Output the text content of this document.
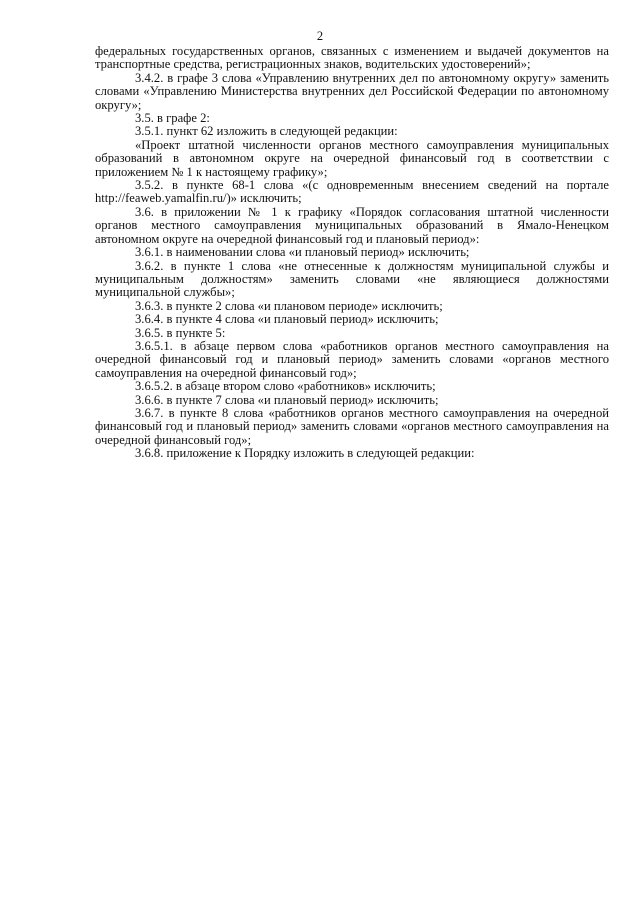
2

федеральных государственных органов, связанных с изменением и выдачей документов на транспортные средства, регистрационных знаков, водительских удостоверений»;

3.4.2. в графе 3 слова «Управлению внутренних дел по автономному округу» заменить словами «Управлению Министерства внутренних дел Российской Федерации по автономному округу»;

3.5. в графе 2:

3.5.1. пункт 62 изложить в следующей редакции:

«Проект штатной численности органов местного самоуправления муниципальных образований в автономном округе на очередной финансовый год в соответствии с приложением № 1 к настоящему графику»;

3.5.2. в пункте 68-1 слова «(с одновременным внесением сведений на портале http://feaweb.yamalfin.ru/)» исключить;

3.6. в приложении № 1 к графику «Порядок согласования штатной численности органов местного самоуправления муниципальных образований в Ямало-Ненецком автономном округе на очередной финансовый год и плановый период»:

3.6.1. в наименовании слова «и плановый период» исключить;

3.6.2. в пункте 1 слова «не отнесенные к должностям муниципальной службы и муниципальным должностям» заменить словами «не являющиеся должностями муниципальной службы»;

3.6.3. в пункте 2 слова «и плановом периоде» исключить;

3.6.4. в пункте 4 слова «и плановый период» исключить;

3.6.5. в пункте 5:

3.6.5.1. в абзаце первом слова «работников органов местного самоуправления на очередной финансовый год и плановый период» заменить словами «органов местного самоуправления на очередной финансовый год»;

3.6.5.2. в абзаце втором слово «работников» исключить;

3.6.6. в пункте 7 слова «и плановый период» исключить;

3.6.7. в пункте 8 слова «работников органов местного самоуправления на очередной финансовый год и плановый период» заменить словами «органов местного самоуправления на очередной финансовый год»;

3.6.8. приложение к Порядку изложить в следующей редакции:
